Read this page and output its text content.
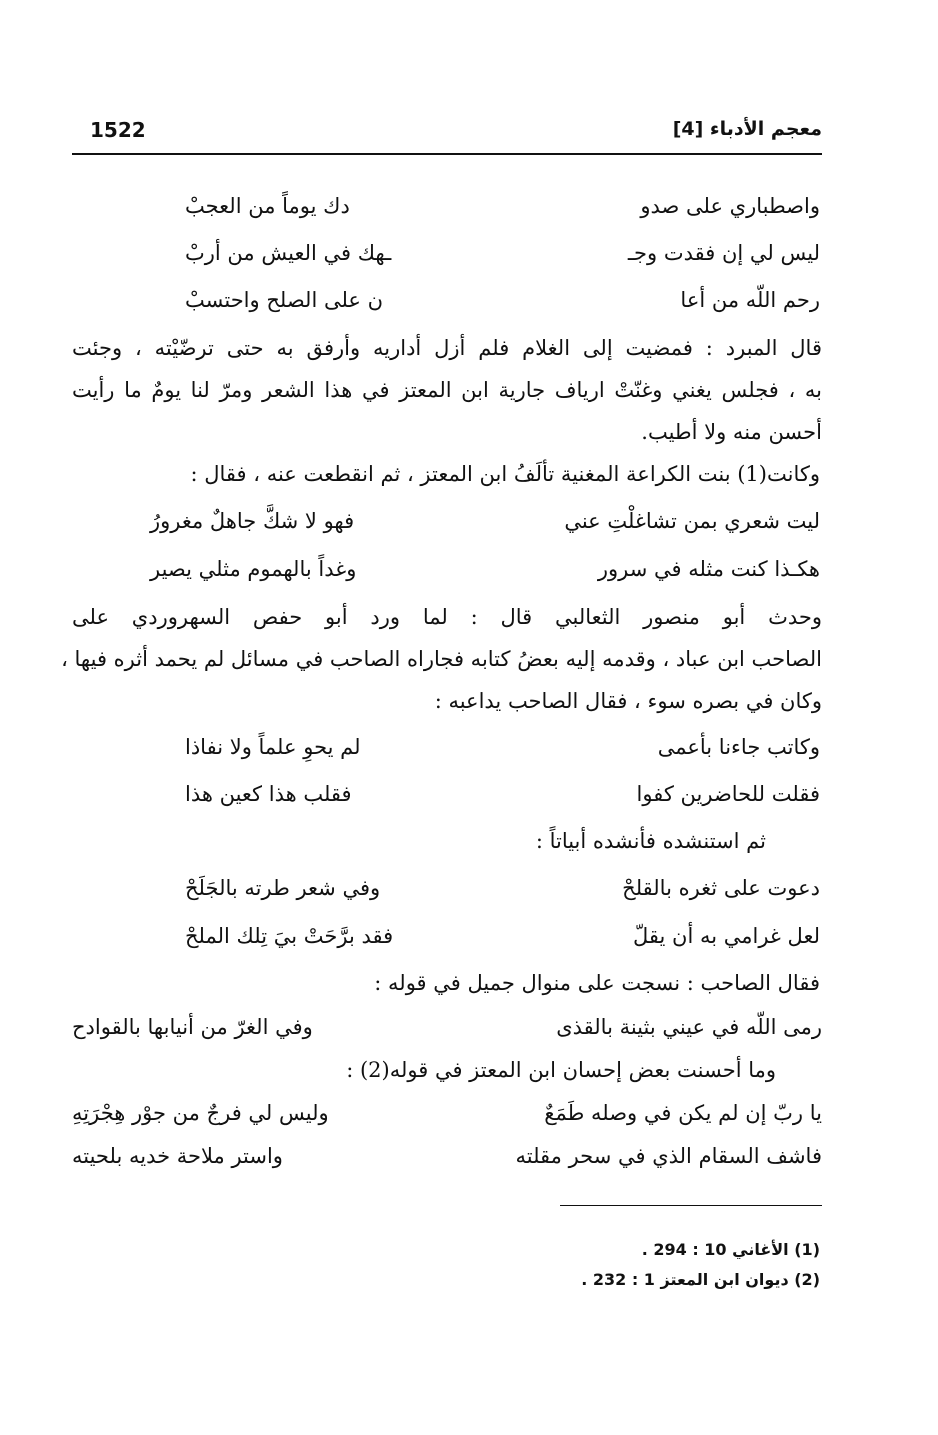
1522	معجم الأدباء [4]
واصطباري على صدو
دك يوماً من العجبْ
ليس لي إن فقدت وجـ
ـهك في العيش من أربْ
رحم اللّه من أعا
ن على الصلح واحتسبْ
قال المبرد : فمضيت إلى الغلام فلم أزل أداريه وأرفق به حتى ترضّيْته ، وجئت
به ، فجلس يغني وغنّتْ ارياف جارية ابن المعتز في هذا الشعر ومرّ لنا يومٌ ما رأيت
أحسن منه ولا أطيب.
وكانت(1) بنت الكراعة المغنية تألَفُ ابن المعتز ، ثم انقطعت عنه ، فقال :
ليت شعري بمن تشاغلْتِ عني
فهو لا شكَّ جاهلٌ مغرورُ
هكـذا كنت مثله في سرور
وغداً بالهموم مثلي يصير
وحدث أبو منصور الثعالبي قال : لما ورد أبو حفص السهروردي على
الصاحب ابن عباد ، وقدمه إليه بعضُ كتابه فجاراه الصاحب في مسائل لم يحمد أثره فيها ،
وكان في بصره سوء ، فقال الصاحب يداعبه :
وكاتب جاءنا بأعمى
لم يحوِ علماً ولا نفاذا
فقلت للحاضرين كفوا
فقلب هذا كعين هذا
ثم استنشده فأنشده أبياتاً :
دعوت على ثغره بالقلحْ
وفي شعر طرته بالجَلَحْ
لعل غرامي به أن يقلّ
فقد برَّحَتْ بيَ تِلك الملحْ
فقال الصاحب : نسجت على منوال جميل في قوله :
رمى اللّه في عيني بثينة بالقذى
وفي الغرّ من أنيابها بالقوادح
وما أحسنت بعض إحسان ابن المعتز في قوله(2) :
يا ربّ إن لم يكن في وصله طَمَعٌ
وليس لي فرجٌ من جوْر هِجْرَتِهِ
فاشف السقام الذي في سحر مقلته
واستر ملاحة خديه بلحيته
(1) الأغاني 10 : 294 .
(2) ديوان ابن المعتز 1 : 232 .
